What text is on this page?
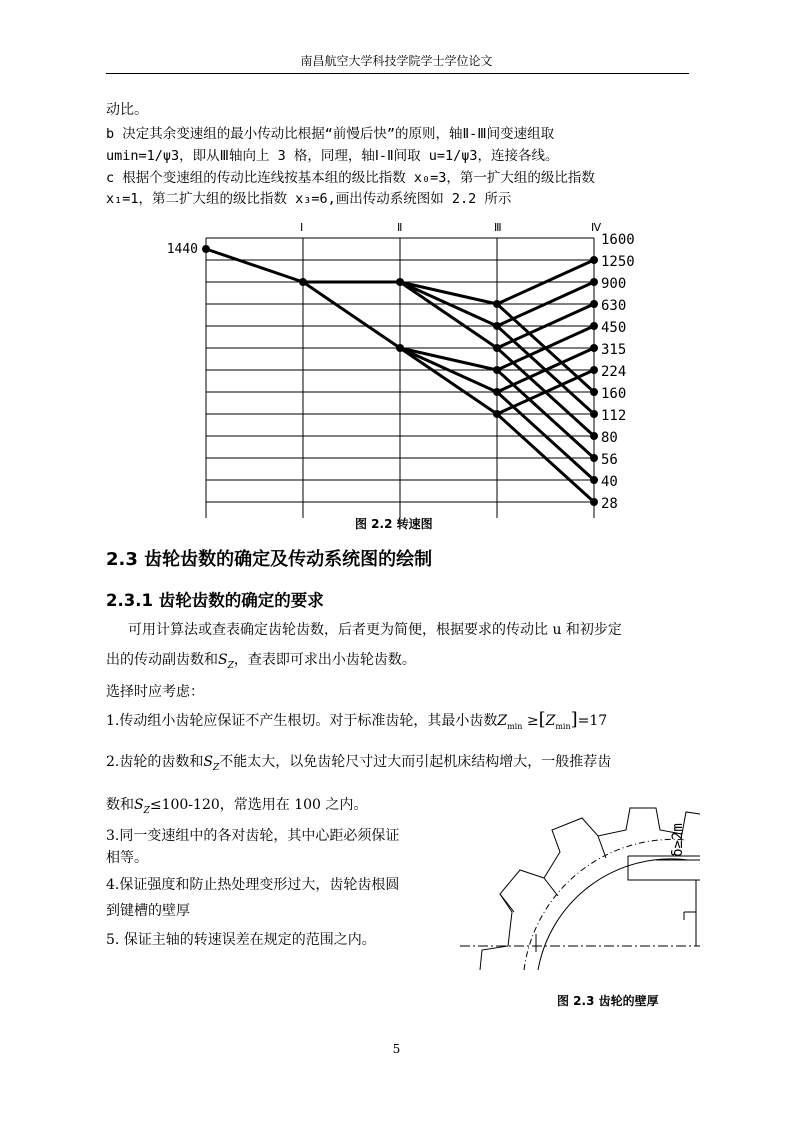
南昌航空大学科技学院学士学位论文
动比。
b 决定其余变速组的最小传动比根据“前慢后快”的原则，轴Ⅱ-Ⅲ间变速组取
umin=1/ψ3，即从Ⅲ轴向上 3 格，同理，轴Ⅰ-Ⅱ间取 u=1/ψ3，连接各线。
c 根据个变速组的传动比连线按基本组的级比指数 x₀=3，第一扩大组的级比指数
x₁=1，第二扩大组的级比指数 x₃=6,画出传动系统图如 2.2 所示
1600
1250
900
630
450
315
224
160
112
80
56
40
28
1440
Ⅰ	Ⅱ	Ⅲ	Ⅳ
图 2.2 转速图
2.3 齿轮齿数的确定及传动系统图的绘制
2.3.1 齿轮齿数的确定的要求
可用计算法或查表确定齿轮齿数，后者更为简便，根据要求的传动比 u 和初步定
出的传动副齿数和$S_Z$，查表即可求出小齿轮齿数。
选择时应考虑：
1.传动组小齿轮应保证不产生根切。对于标准齿轮，其最小齿数$Z_{min} \ge[Z_{min}]=17$
2.齿轮的齿数和$S_Z$不能太大，以免齿轮尺寸过大而引起机床结构增大，一般推荐齿
数和$S_Z\le 100-120$，常选用在 100 之内。
3.同一变速组中的各对齿轮，其中心距必须保证
相等。
4.保证强度和防止热处理变形过大，齿轮齿根圆
到键槽的壁厚
5. 保证主轴的转速误差在规定的范围之内。
δ≥2m
图 2.3 齿轮的壁厚
5
